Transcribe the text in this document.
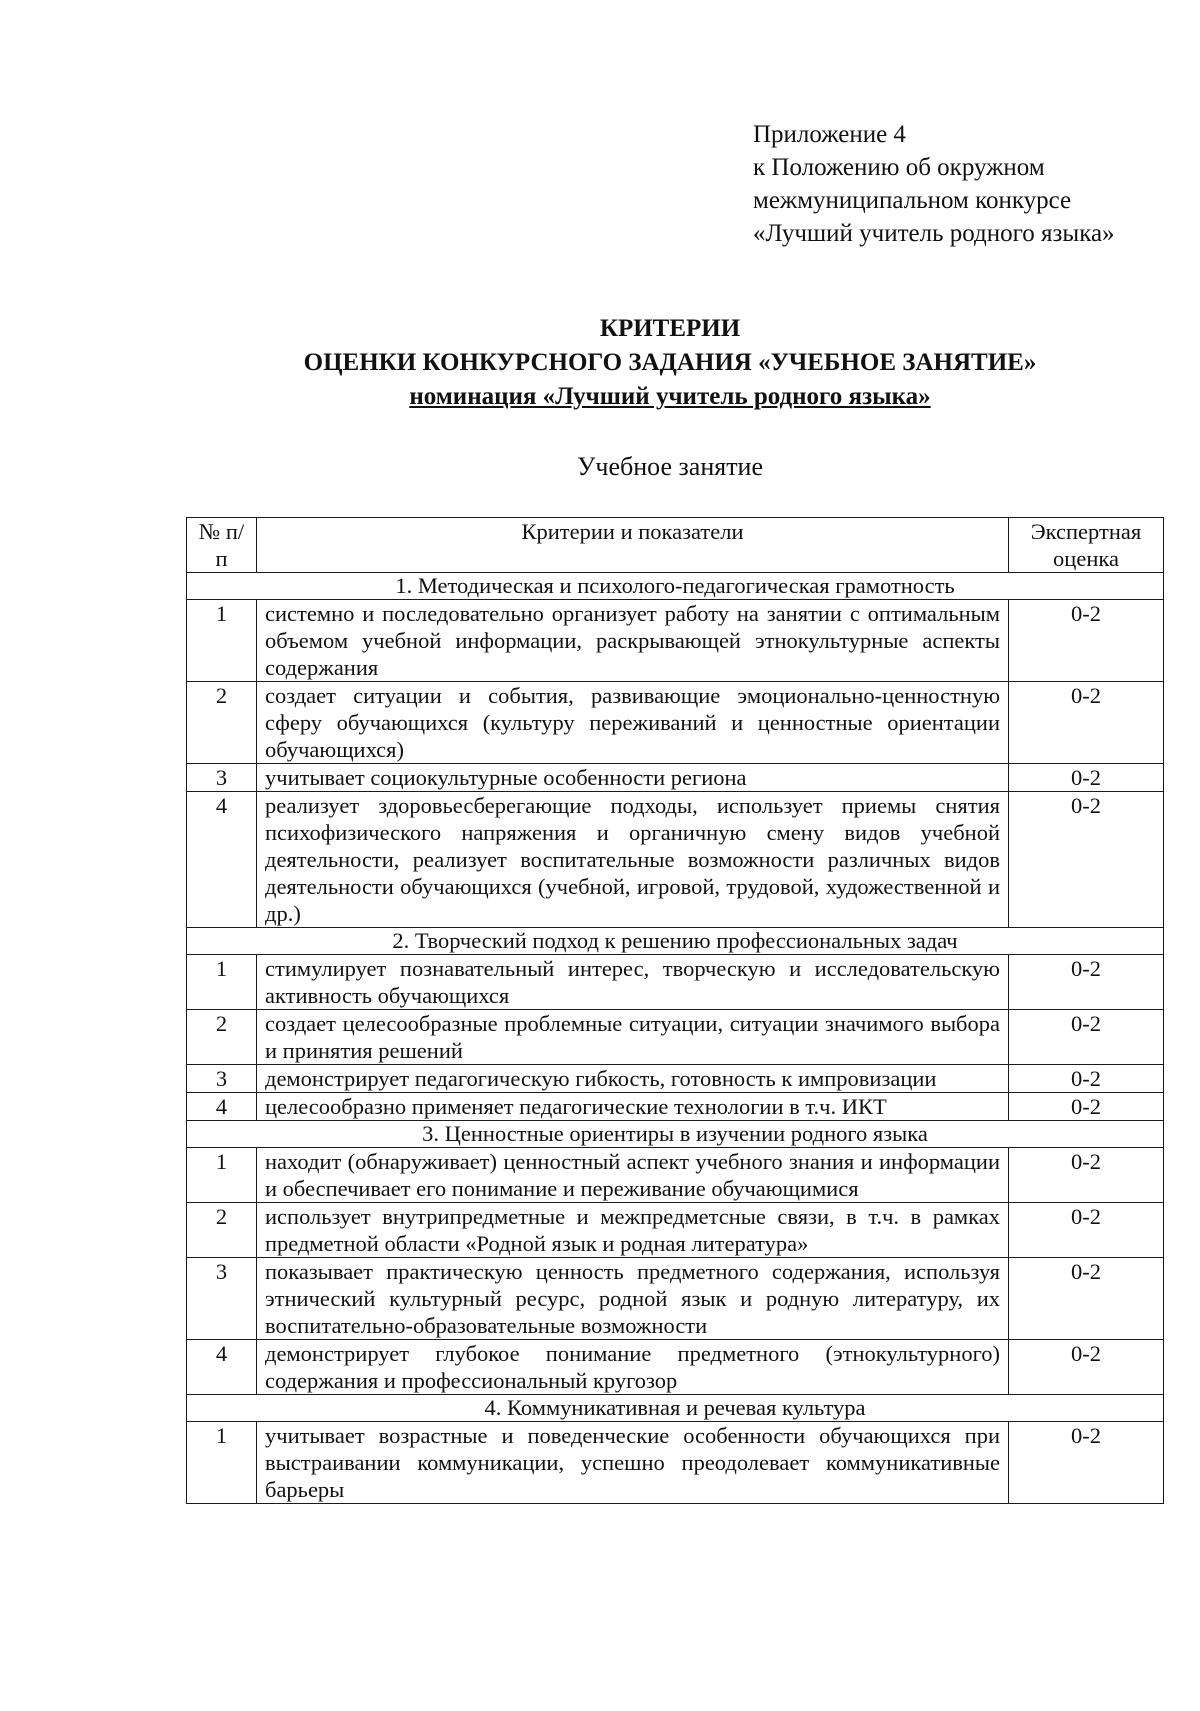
Приложение 4
к Положению об окружном
межмуниципальном конкурсе
«Лучший учитель родного языка»
КРИТЕРИИ
ОЦЕНКИ КОНКУРСНОГО ЗАДАНИЯ «УЧЕБНОЕ ЗАНЯТИЕ»
номинация «Лучший учитель родного языка»
Учебное занятие
№ п/п	Критерии и показатели	Экспертная оценка
1. Методическая и психолого-педагогическая грамотность		
1	системно и последовательно организует работу на занятии с оптимальным объемом учебной информации, раскрывающей этнокультурные аспекты содержания	0-2
2	создает ситуации и события, развивающие эмоционально-ценностную сферу обучающихся (культуру переживаний и ценностные ориентации обучающихся)	0-2
3	учитывает социокультурные особенности региона	0-2
4	реализует здоровьесберегающие подходы, использует приемы снятия психофизического напряжения и органичную смену видов учебной деятельности, реализует воспитательные возможности различных видов деятельности обучающихся (учебной, игровой, трудовой, художественной и др.)	0-2
2. Творческий подход к решению профессиональных задач		
1	стимулирует познавательный интерес, творческую и исследовательскую активность обучающихся	0-2
2	создает целесообразные проблемные ситуации, ситуации значимого выбора и принятия решений	0-2
3	демонстрирует педагогическую гибкость, готовность к импровизации	0-2
4	целесообразно применяет педагогические технологии в т.ч. ИКТ	0-2
3. Ценностные ориентиры в изучении родного языка		
1	находит (обнаруживает) ценностный аспект учебного знания и информации и обеспечивает его понимание и переживание обучающимися	0-2
2	использует внутрипредметные и межпредметсные связи, в т.ч. в рамках предметной области «Родной язык и родная литература»	0-2
3	показывает практическую ценность предметного содержания, используя этнический культурный ресурс, родной язык и родную литературу, их воспитательно-образовательные возможности	0-2
4	демонстрирует глубокое понимание предметного (этнокультурного) содержания и профессиональный кругозор	0-2
4. Коммуникативная и речевая культура		
1	учитывает возрастные и поведенческие особенности обучающихся при выстраивании коммуникации, успешно преодолевает коммуникативные барьеры	0-2
